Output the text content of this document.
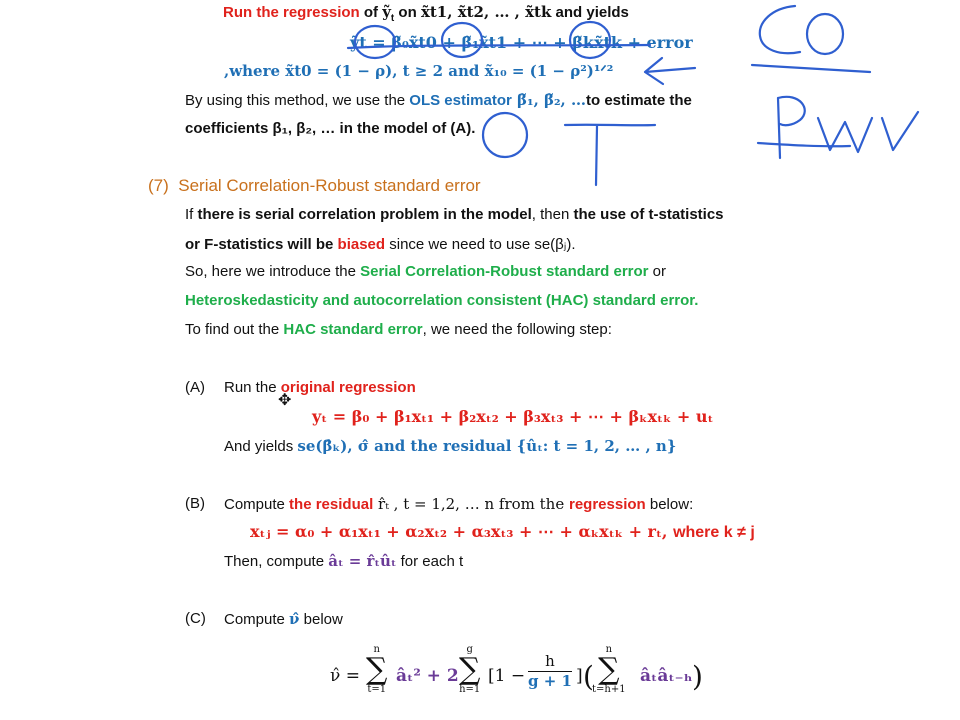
Run the regression of $ỹ_t$ on x̃t1, x̃t2, … , x̃tk and yields
ỹt = β̃₀x̃t0 + β̃₁x̃t1 + ⋯ + β̃kx̃tk + error
,where x̃t0 = (1 − ρ), t ≥ 2 and x̃₁₀ = (1 − ρ²)¹ᐟ²
By using this method, we use the OLS estimator β̃₁, β̃₂, …to estimate the
coefficients β₁, β₂, … in the model of (A).
(7) Serial Correlation-Robust standard error
If there is serial correlation problem in the model, then the use of t-statistics
or F-statistics will be biased since we need to use se(βⱼ).
So, here we introduce the Serial Correlation-Robust standard error or
Heteroskedasticity and autocorrelation consistent (HAC) standard error.
To find out the HAC standard error, we need the following step:
(A) Run the original regression
yₜ = β₀ + β₁xₜ₁ + β₂xₜ₂ + β₃xₜ₃ + ⋯ + βₖxₜₖ + uₜ
And yields se(β̂ₖ), σ̂ and the residual {ûₜ: t = 1, 2, … , n}
(B) Compute the residual r̂ₜ , t = 1,2, … n from the regression below:
xₜⱼ = α₀ + α₁xₜ₁ + α₂xₜ₂ + α₃xₜ₃ + ⋯ + αₖxₜₖ + rₜ, where k ≠ j
Then, compute âₜ = r̂ₜûₜ for each t
(C) Compute ν̂ below
ν̂ =
n
∑
t=1
âₜ² + 2
g
∑
h=1
[1 −
h
g + 1 ] (
n
∑
t=h+1
âₜâₜ₋ₕ )
✥
